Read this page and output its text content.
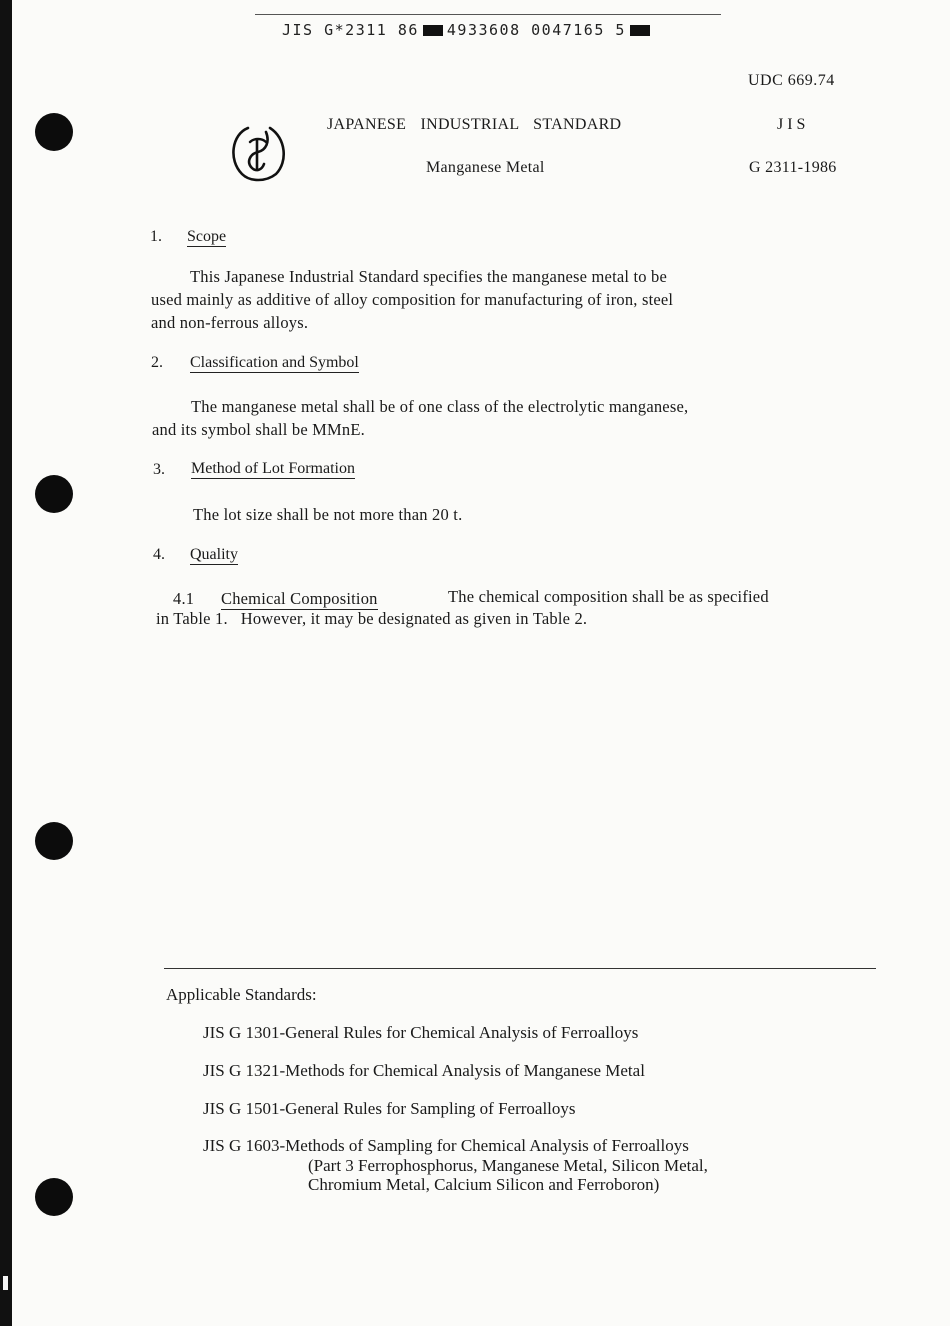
JIS G*2311 86 4933608 0047165 5
UDC 669.74
JAPANESE INDUSTRIAL STANDARD	J I S
Manganese Metal	G 2311-1986
1. Scope
This Japanese Industrial Standard specifies the manganese metal to be
used mainly as additive of alloy composition for manufacturing of iron, steel
and non-ferrous alloys.
2. Classification and Symbol
The manganese metal shall be of one class of the electrolytic manganese,
and its symbol shall be MMnE.
3. Method of Lot Formation
The lot size shall be not more than 20 t.
4. Quality
4.1 Chemical Composition	The chemical composition shall be as specified
in Table 1.   However, it may be designated as given in Table 2.
Applicable Standards:
JIS G 1301-General Rules for Chemical Analysis of Ferroalloys
JIS G 1321-Methods for Chemical Analysis of Manganese Metal
JIS G 1501-General Rules for Sampling of Ferroalloys
JIS G 1603-Methods of Sampling for Chemical Analysis of Ferroalloys
(Part 3 Ferrophosphorus, Manganese Metal, Silicon Metal,
Chromium Metal, Calcium Silicon and Ferroboron)
